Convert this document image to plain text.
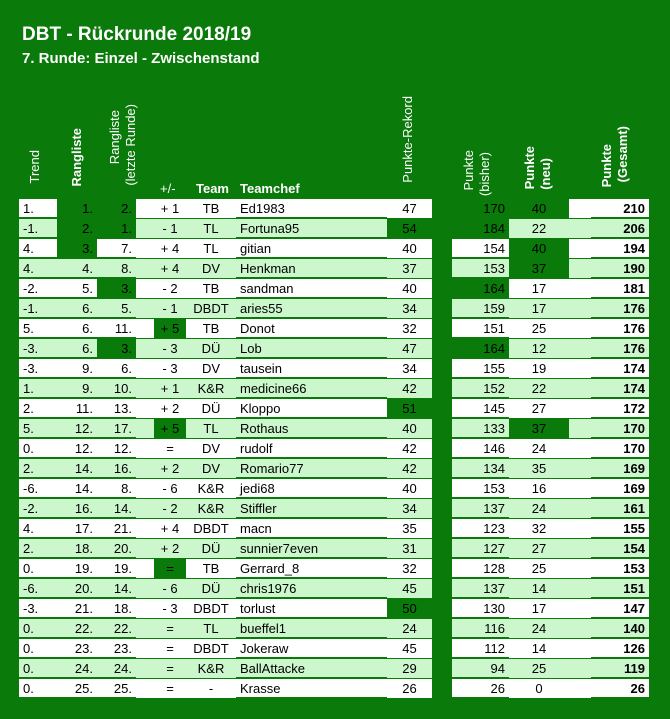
DBT - Rückrunde 2018/19
7. Runde: Einzel - Zwischenstand
Trend Rangliste Rangliste (letzte Runde)
+/- Team Teamchef
Punkte-Rekord	Punkte (bisher) Punkte (neu)	Punkte (Gesamt)
1.	1.	2.	+ 1	TB	Ed1983	47	170	40	210
-1.	2.	1.	- 1	TL	Fortuna95	54	184	22	206
4.	3.	7.	+ 4	TL	gitian	40	154	40	194
4.	4.	8.	+ 4	DV	Henkman	37	153	37	190
-2.	5.	3.	- 2	TB	sandman	40	164	17	181
-1.	6.	5.	- 1	DBDT aries55	34	159	17	176
5.	6.	11.	+ 5	TB	Donot	32	151	25	176
-3.	6.	3.	- 3	DÜ	Lob	47	164	12	176
-3.	9.	6.	- 3	DV	tausein	34	155	19	174
1.	9.	10.	+ 1	K&R	medicine66	42	152	22	174
2.	11.	13.	+ 2	DÜ	Kloppo	51	145	27	172
5.	12.	17.	+ 5	TL	Rothaus	40	133	37	170
0.	12.	12.	=	DV	rudolf	42	146	24	170
2.	14.	16.	+ 2	DV	Romario77	42	134	35	169
-6.	14.	8.	- 6	K&R	jedi68	40	153	16	169
-2.	16.	14.	- 2	K&R	Stiffler	34	137	24	161
4.	17.	21.	+ 4	DBDT macn	35	123	32	155
2.	18.	20.	+ 2	DÜ	sunnier7even	31	127	27	154
0.	19.	19.	=	TB	Gerrard_8	32	128	25	153
-6.	20.	14.	- 6	DÜ	chris1976	45	137	14	151
-3.	21.	18.	- 3	DBDT torlust	50	130	17	147
0.	22.	22.	=	TL	bueffel1	24	116	24	140
0.	23.	23.	=	DBDT Jokeraw	45	112	14	126
0.	24.	24.	=	K&R	BallAttacke	29	94	25	119
0.	25.	25.	=	-	Krasse	26	26	0	26
